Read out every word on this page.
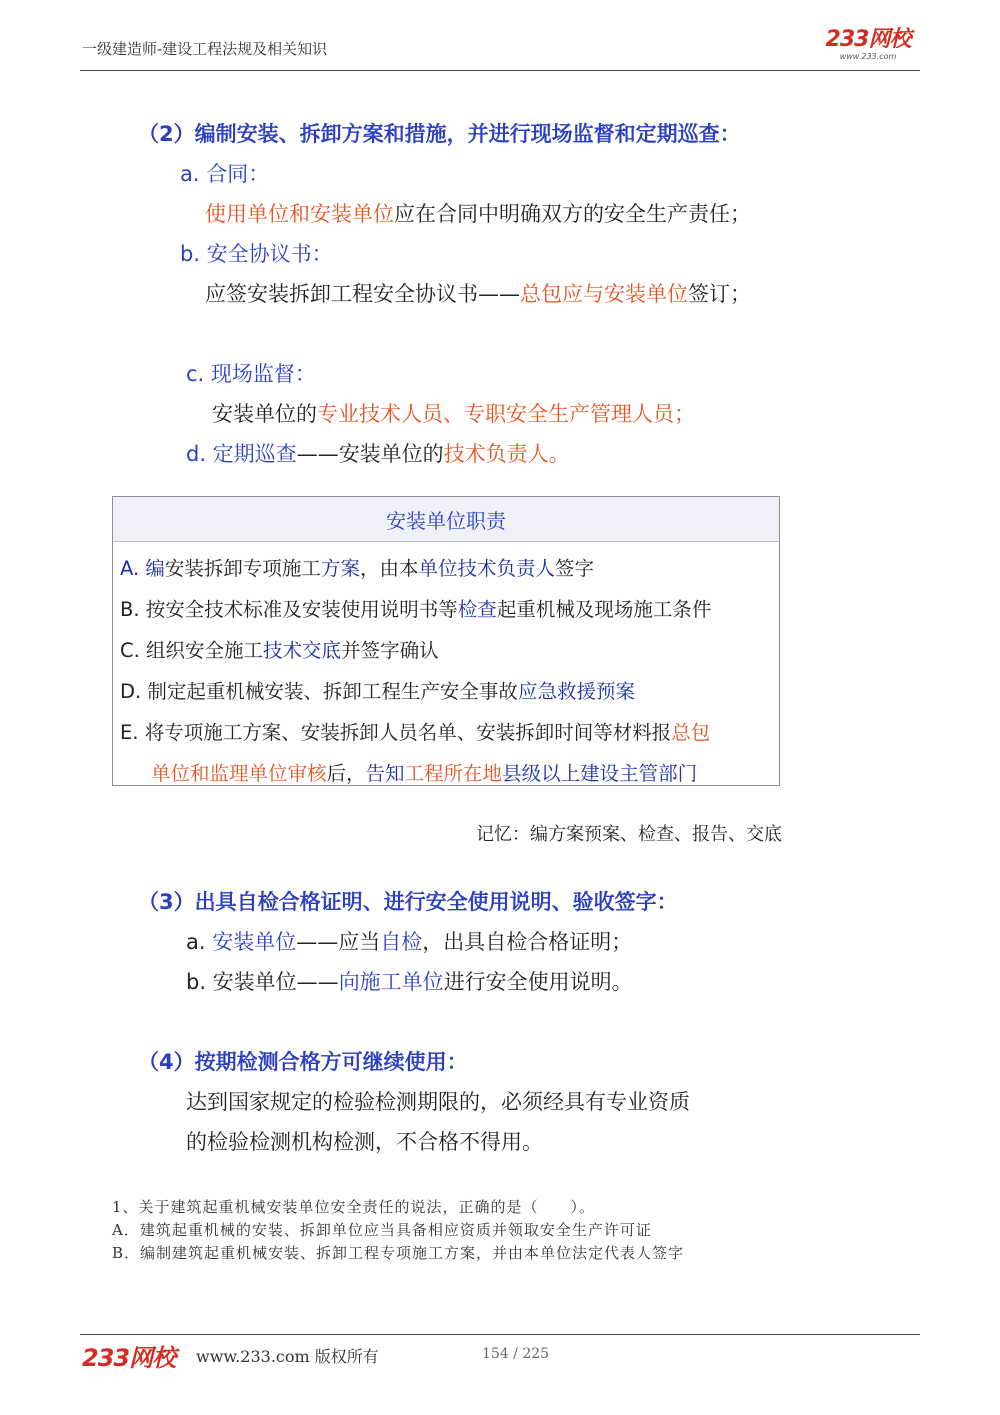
一级建造师-建设工程法规及相关知识	233网校
www.233.com
（2）编制安装、拆卸方案和措施，并进行现场监督和定期巡查：
a. 合同：
使用单位和安装单位应在合同中明确双方的安全生产责任；
b. 安全协议书：
应签安装拆卸工程安全协议书——总包应与安装单位签订；
c. 现场监督：
安装单位的专业技术人员、专职安全生产管理人员；
d. 定期巡查——安装单位的技术负责人。
安装单位职责
A. 编安装拆卸专项施工方案，由本单位技术负责人签字
B. 按安全技术标准及安装使用说明书等检查起重机械及现场施工条件
C. 组织安全施工技术交底并签字确认
D. 制定起重机械安装、拆卸工程生产安全事故应急救援预案
E. 将专项施工方案、安装拆卸人员名单、安装拆卸时间等材料报总包
单位和监理单位审核后，告知工程所在地县级以上建设主管部门
记忆：编方案预案、检查、报告、交底
（3）出具自检合格证明、进行安全使用说明、验收签字：
a. 安装单位——应当自检，出具自检合格证明；
b. 安装单位——向施工单位进行安全使用说明。
（4）按期检测合格方可继续使用：
达到国家规定的检验检测期限的，必须经具有专业资质
的检验检测机构检测，不合格不得用。
1、关于建筑起重机械安装单位安全责任的说法，正确的是（　　）。
A．建筑起重机械的安装、拆卸单位应当具备相应资质并领取安全生产许可证
B．编制建筑起重机械安装、拆卸工程专项施工方案，并由本单位法定代表人签字
233网校 www.233.com 版权所有	154 / 225
